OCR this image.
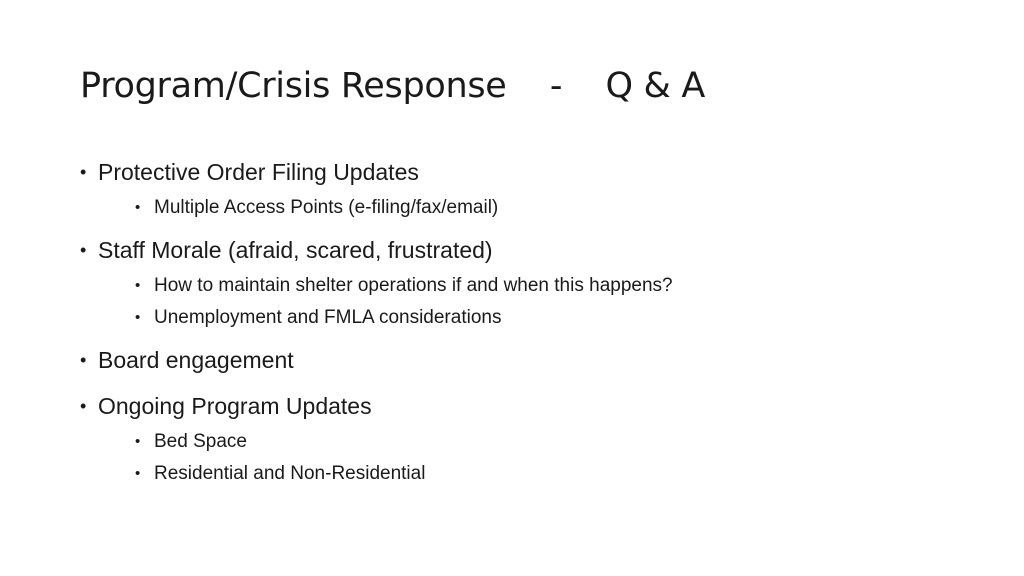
Program/Crisis Response    -    Q & A
• Protective Order Filing Updates
• Multiple Access Points (e-filing/fax/email)
• Staff Morale (afraid, scared, frustrated)
• How to maintain shelter operations if and when this happens?
• Unemployment and FMLA considerations
• Board engagement
• Ongoing Program Updates
• Bed Space
• Residential and Non-Residential
